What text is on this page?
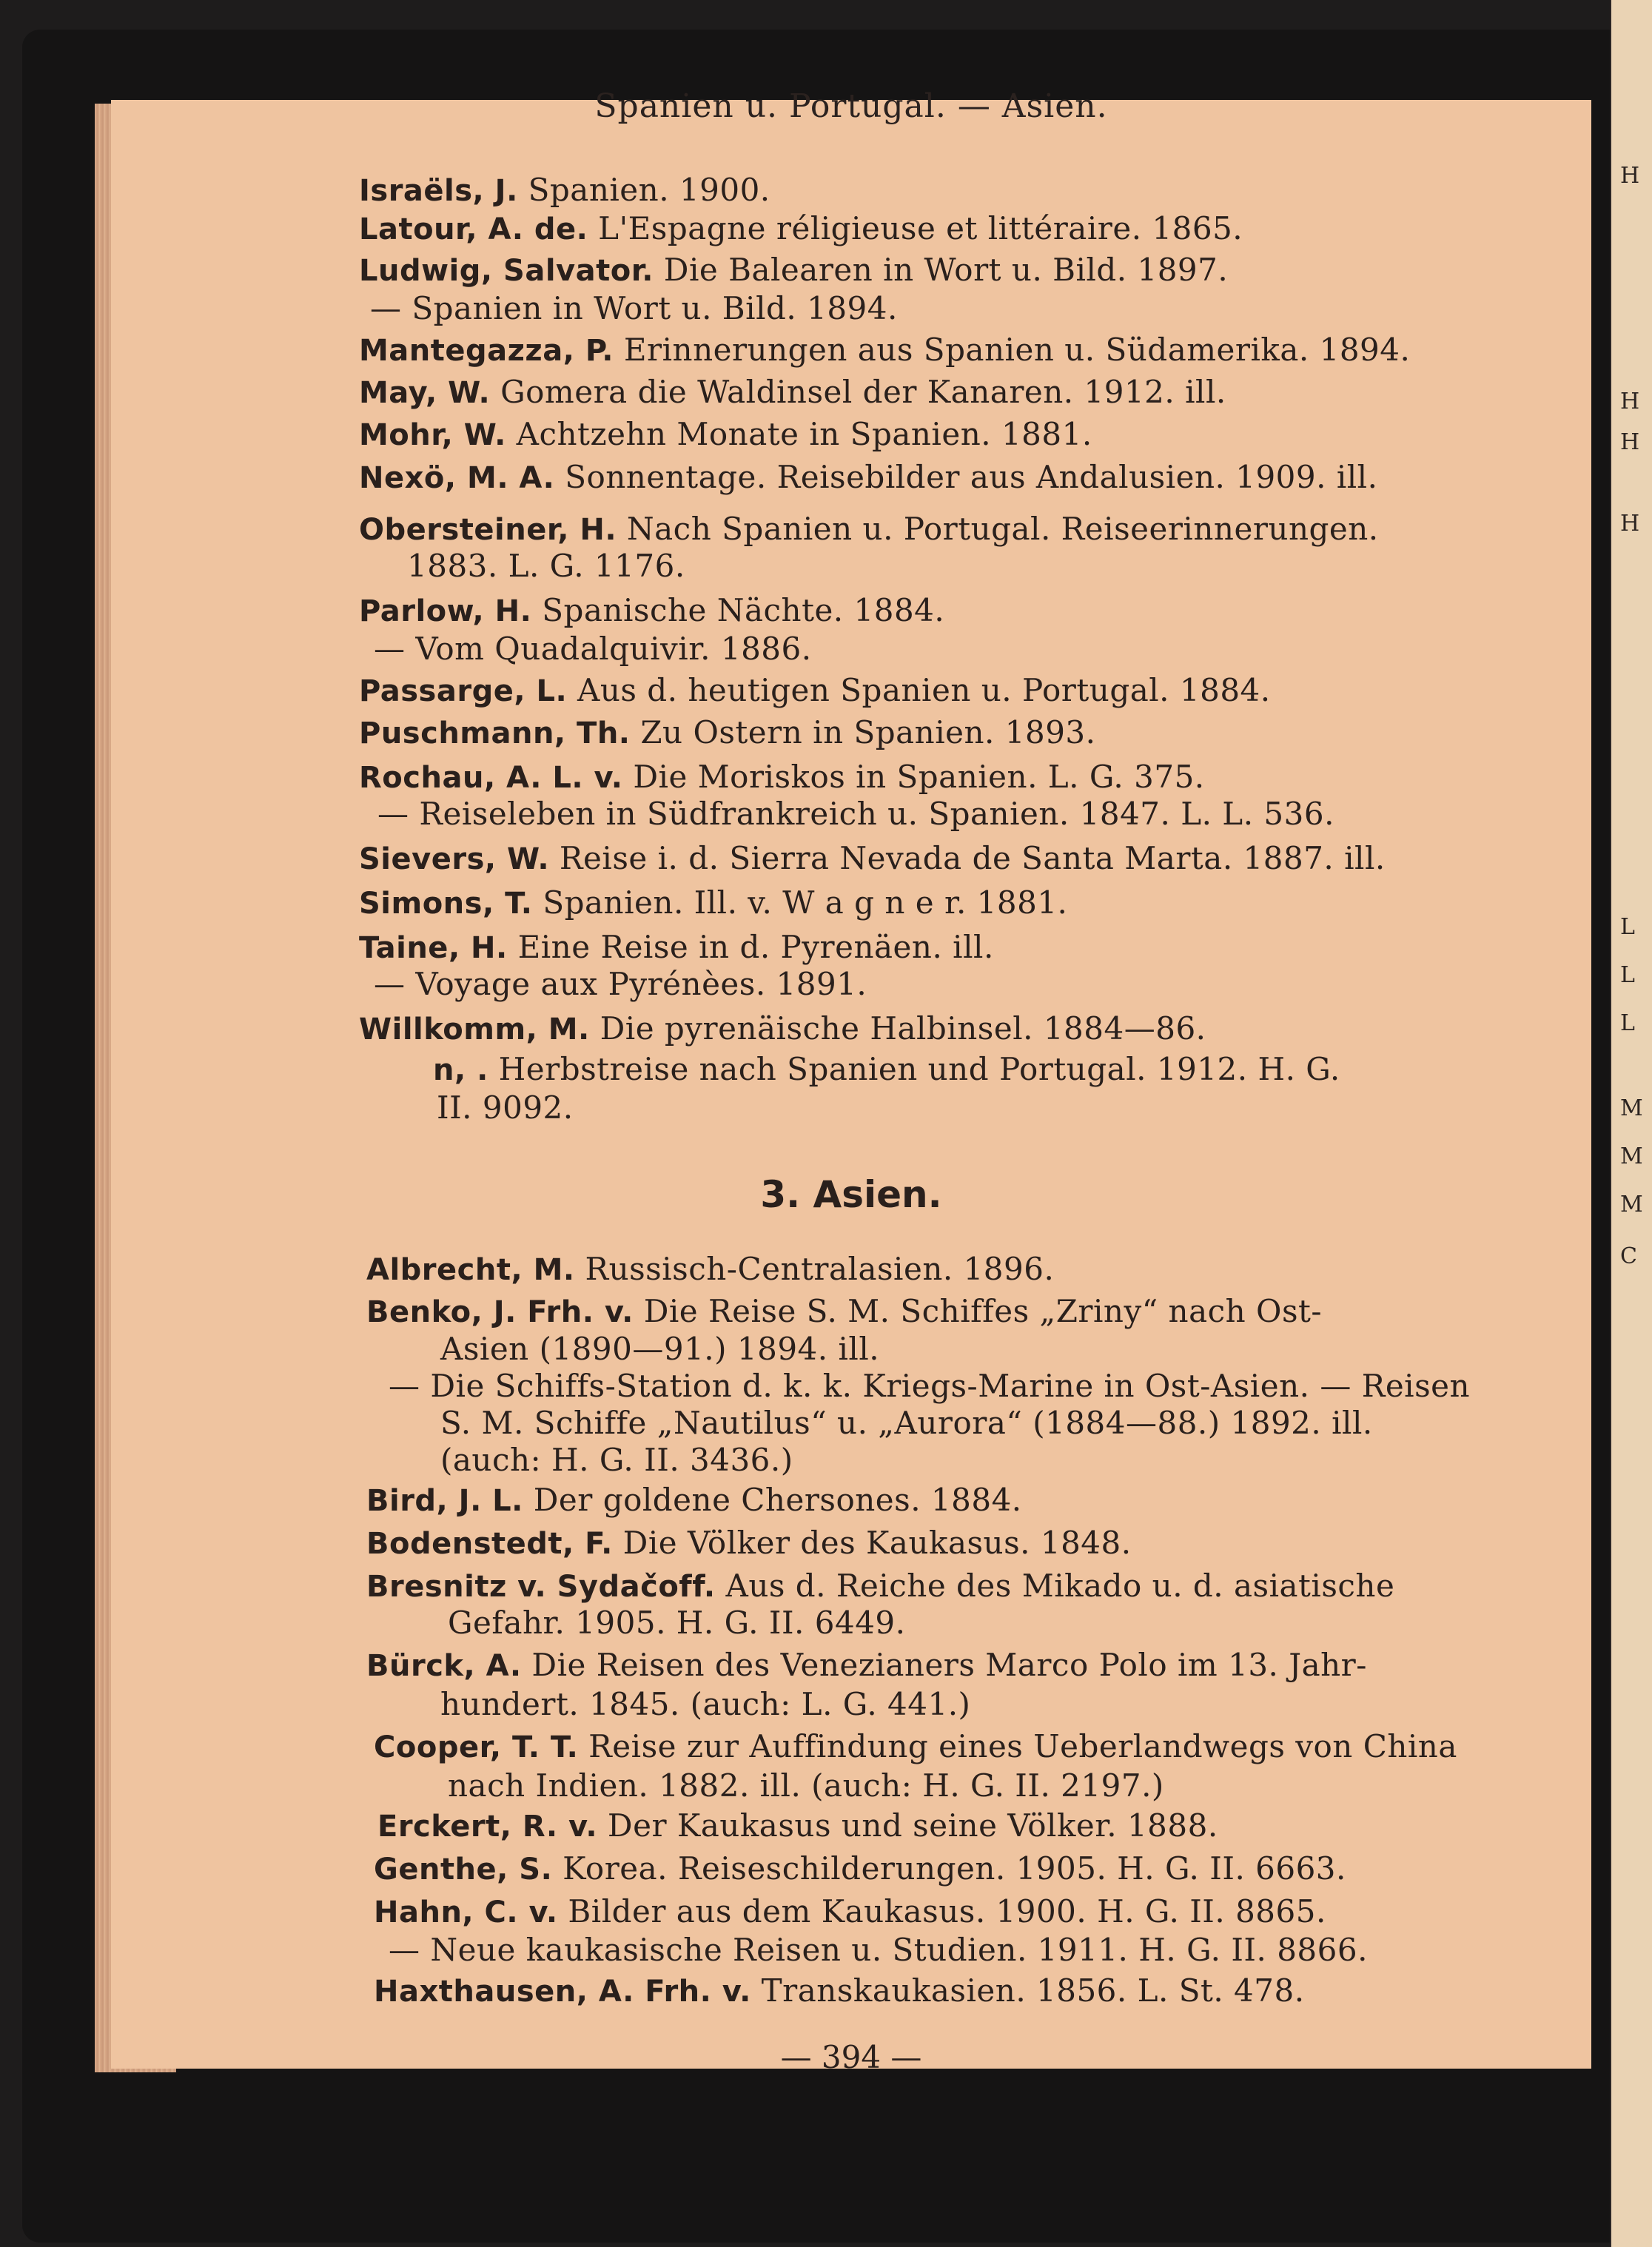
H
H
H
H
L
L
L
M
M
M
C
Spanien u. Portugal. — Asien.
Israëls, J. Spanien. 1900.
Latour, A. de. L'Espagne réligieuse et littéraire. 1865.
Ludwig, Salvator. Die Balearen in Wort u. Bild. 1897.
— Spanien in Wort u. Bild. 1894.
Mantegazza, P. Erinnerungen aus Spanien u. Südamerika. 1894.
May, W. Gomera die Waldinsel der Kanaren. 1912. ill.
Mohr, W. Achtzehn Monate in Spanien. 1881.
Nexö, M. A. Sonnentage. Reisebilder aus Andalusien. 1909. ill.
Obersteiner, H. Nach Spanien u. Portugal. Reiseerinnerungen.
1883. L. G. 1176.
Parlow, H. Spanische Nächte. 1884.
— Vom Quadalquivir. 1886.
Passarge, L. Aus d. heutigen Spanien u. Portugal. 1884.
Puschmann, Th. Zu Ostern in Spanien. 1893.
Rochau, A. L. v. Die Moriskos in Spanien. L. G. 375.
— Reiseleben in Südfrankreich u. Spanien. 1847. L. L. 536.
Sievers, W. Reise i. d. Sierra Nevada de Santa Marta. 1887. ill.
Simons, T. Spanien. Ill. v. W a g n e r. 1881.
Taine, H. Eine Reise in d. Pyrenäen. ill.
— Voyage aux Pyrénèes. 1891.
Willkomm, M. Die pyrenäische Halbinsel. 1884—86.
n, . Herbstreise nach Spanien und Portugal. 1912. H. G.
II. 9092.
3. Asien.
Albrecht, M. Russisch-Centralasien. 1896.
Benko, J. Frh. v. Die Reise S. M. Schiffes „Zriny“ nach Ost-
Asien (1890—91.) 1894. ill.
— Die Schiffs-Station d. k. k. Kriegs-Marine in Ost-Asien. — Reisen
S. M. Schiffe „Nautilus“ u. „Aurora“ (1884—88.) 1892. ill.
(auch: H. G. II. 3436.)
Bird, J. L. Der goldene Chersones. 1884.
Bodenstedt, F. Die Völker des Kaukasus. 1848.
Bresnitz v. Sydačoff. Aus d. Reiche des Mikado u. d. asiatische
Gefahr. 1905. H. G. II. 6449.
Bürck, A. Die Reisen des Venezianers Marco Polo im 13. Jahr-
hundert. 1845. (auch: L. G. 441.)
Cooper, T. T. Reise zur Auffindung eines Ueberlandwegs von China
nach Indien. 1882. ill. (auch: H. G. II. 2197.)
Erckert, R. v. Der Kaukasus und seine Völker. 1888.
Genthe, S. Korea. Reiseschilderungen. 1905. H. G. II. 6663.
Hahn, C. v. Bilder aus dem Kaukasus. 1900. H. G. II. 8865.
— Neue kaukasische Reisen u. Studien. 1911. H. G. II. 8866.
Haxthausen, A. Frh. v. Transkaukasien. 1856. L. St. 478.
— 394 —
